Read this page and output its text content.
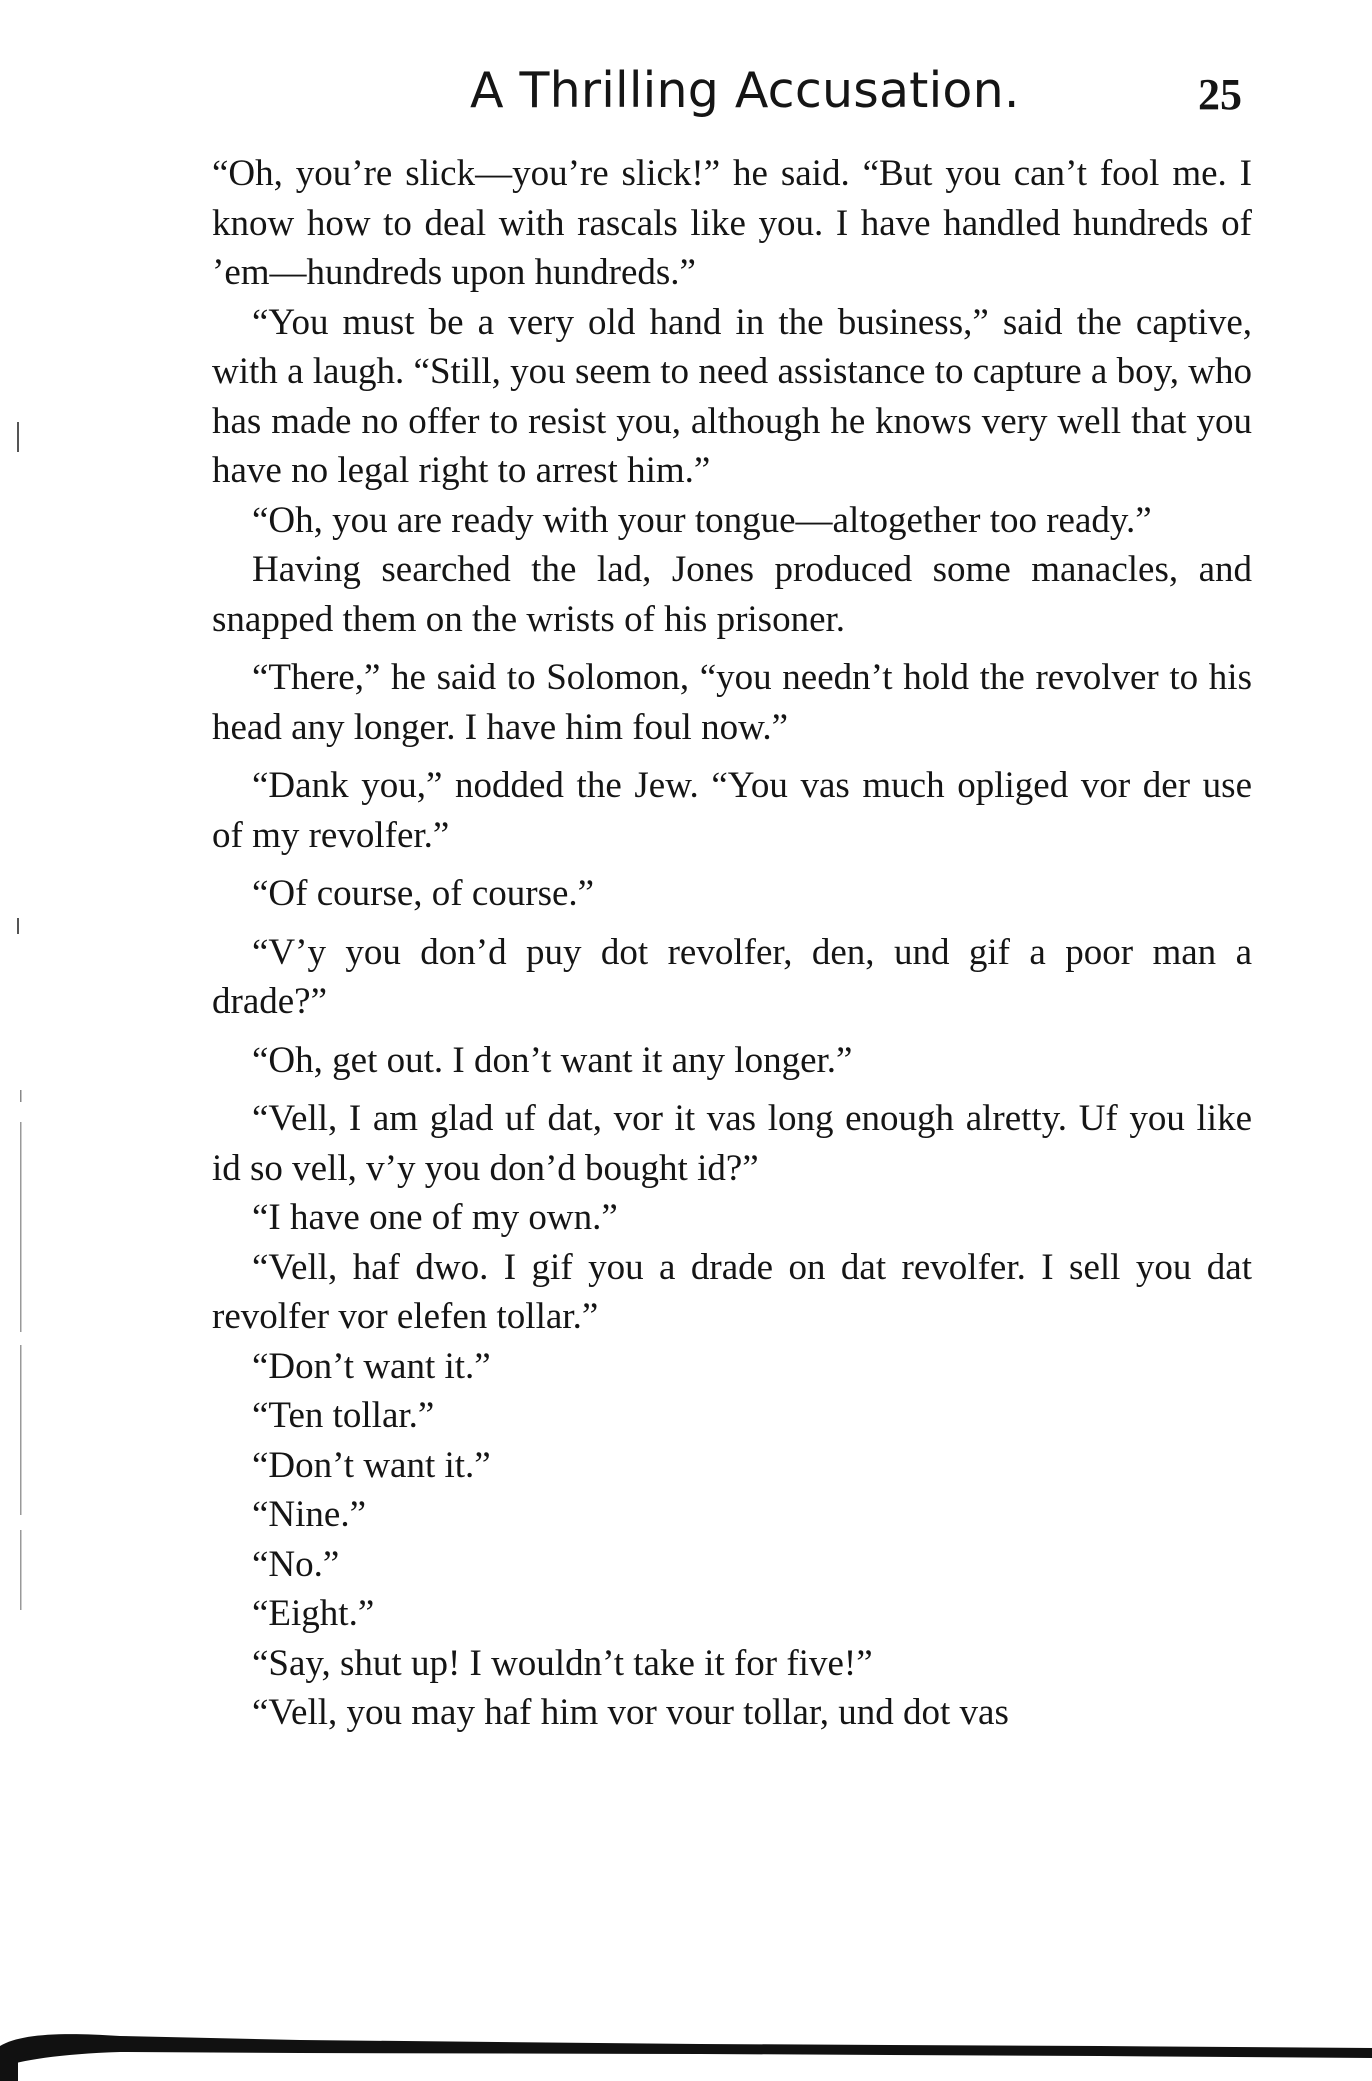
A Thrilling Accusation.	25

“Oh, you’re slick—you’re slick!” he said. “But you can’t fool me. I know how to deal with rascals like you. I have handled hundreds of ’em—hundreds upon hundreds.”

“You must be a very old hand in the business,” said the captive, with a laugh. “Still, you seem to need assistance to capture a boy, who has made no offer to resist you, although he knows very well that you have no legal right to arrest him.”

“Oh, you are ready with your tongue—altogether too ready.”

Having searched the lad, Jones produced some manacles, and snapped them on the wrists of his prisoner.

“There,” he said to Solomon, “you needn’t hold the revolver to his head any longer. I have him foul now.”

“Dank you,” nodded the Jew. “You vas much opliged vor der use of my revolfer.”

“Of course, of course.”

“V’y you don’d puy dot revolfer, den, und gif a poor man a drade?”

“Oh, get out. I don’t want it any longer.”

“Vell, I am glad uf dat, vor it vas long enough alretty. Uf you like id so vell, v’y you don’d bought id?”

“I have one of my own.”

“Vell, haf dwo. I gif you a drade on dat revolfer. I sell you dat revolfer vor elefen tollar.”

“Don’t want it.”

“Ten tollar.”

“Don’t want it.”

“Nine.”

“No.”

“Eight.”

“Say, shut up! I wouldn’t take it for five!”

“Vell, you may haf him vor vour tollar, und dot vas
